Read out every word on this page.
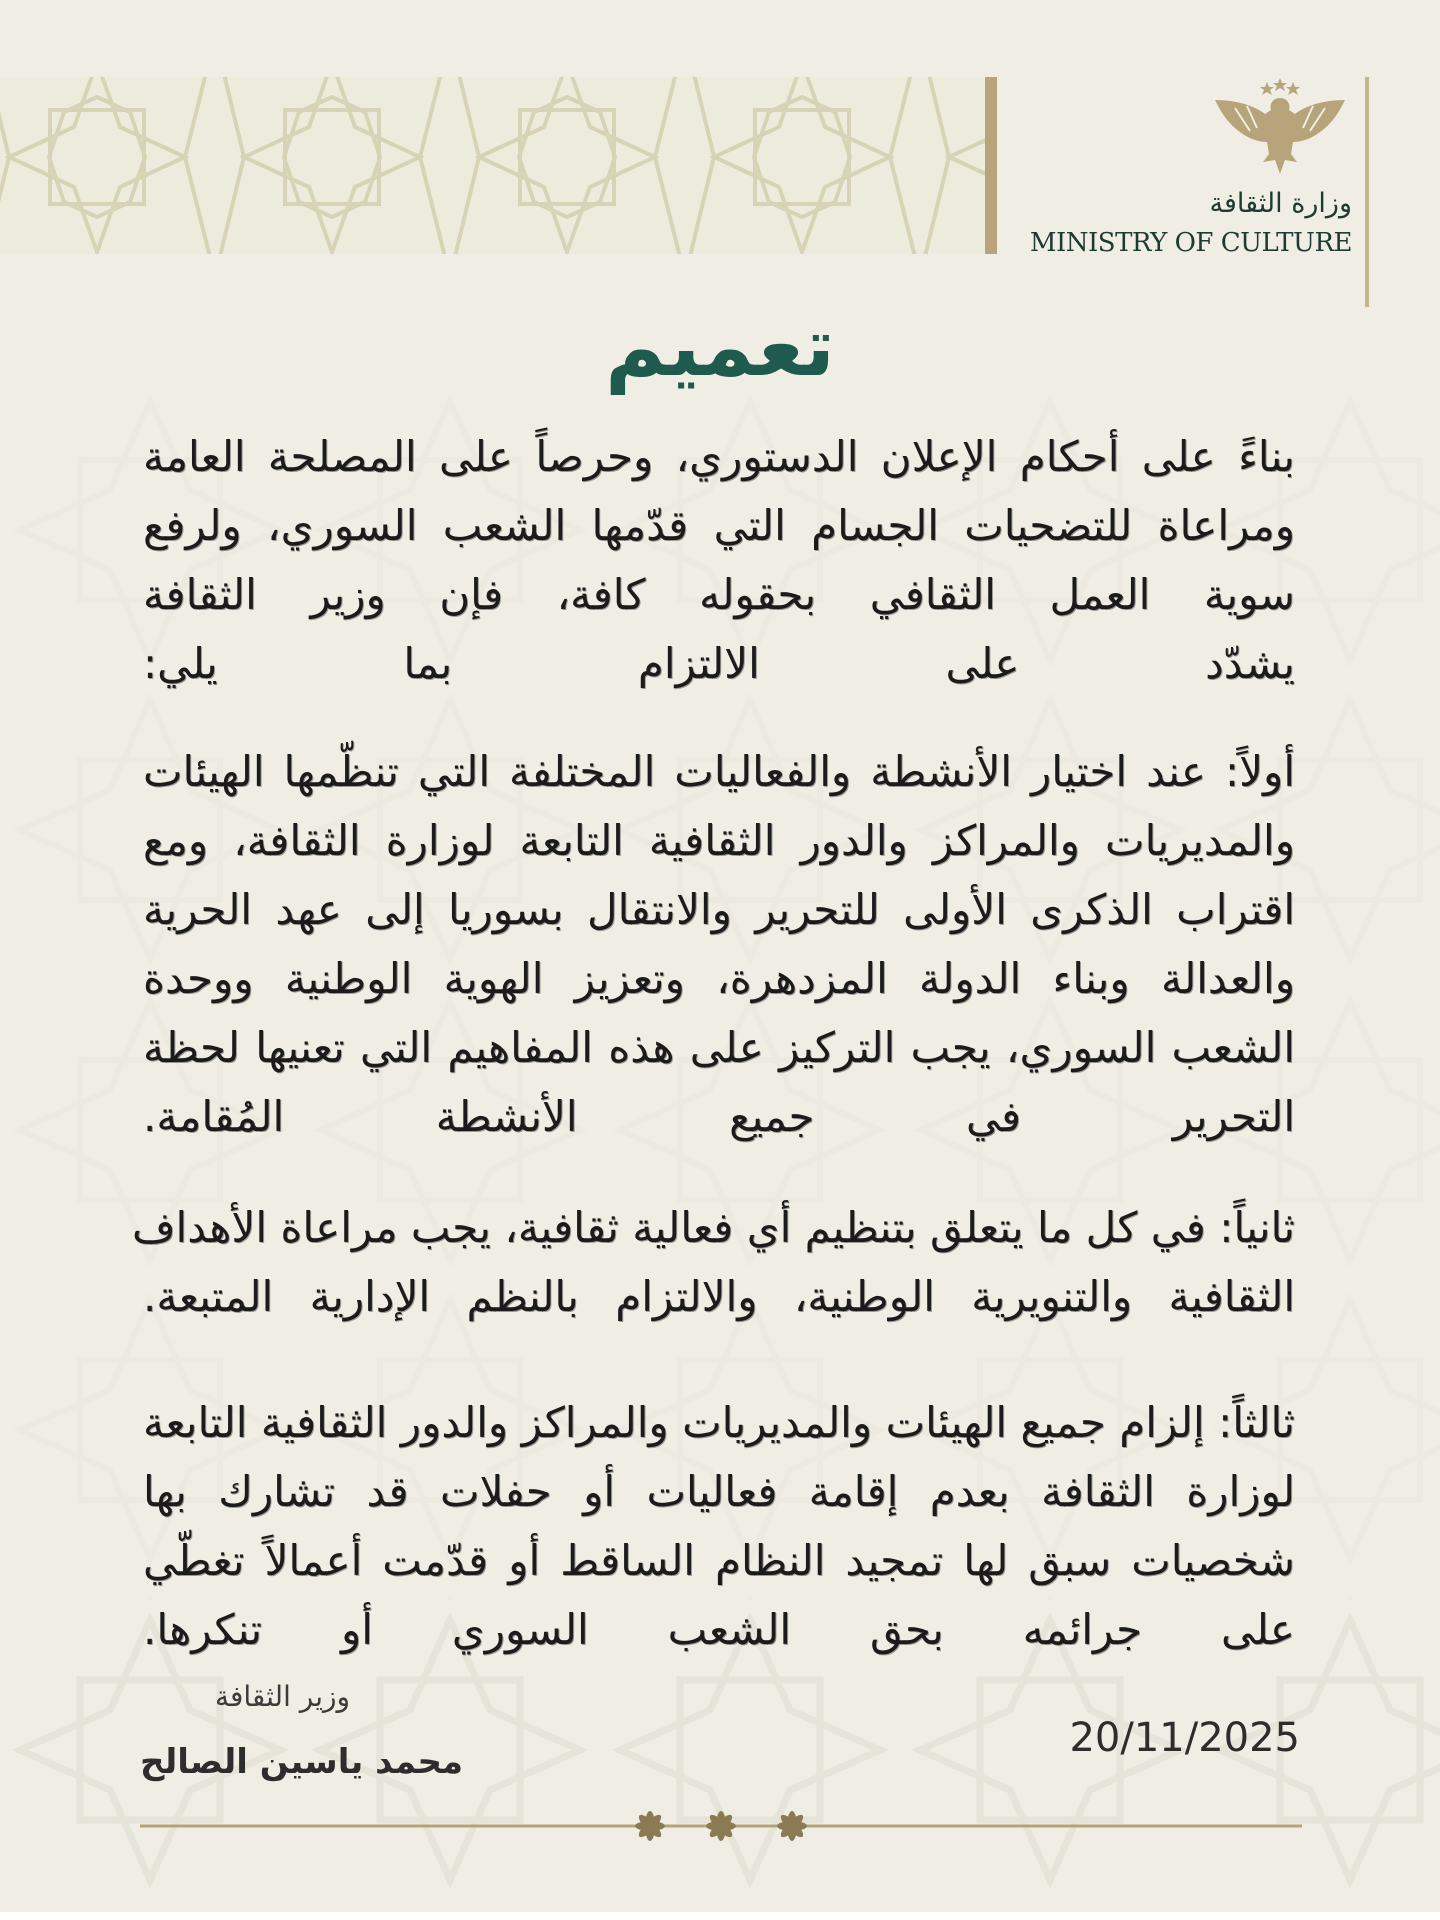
وزارة الثقافة
MINISTRY OF CULTURE
تعميم
بناءً على أحكام الإعلان الدستوري، وحرصاً على المصلحة العامة
ومراعاة للتضحيات الجسام التي قدّمها الشعب السوري، ولرفع
سوية العمل الثقافي بحقوله كافة، فإن وزير الثقافة
يشدّد على الالتزام بما يلي:
أولاً: عند اختيار الأنشطة والفعاليات المختلفة التي تنظّمها الهيئات
والمديريات والمراكز والدور الثقافية التابعة لوزارة الثقافة، ومع
اقتراب الذكرى الأولى للتحرير والانتقال بسوريا إلى عهد الحرية
والعدالة وبناء الدولة المزدهرة، وتعزيز الهوية الوطنية ووحدة
الشعب السوري، يجب التركيز على هذه المفاهيم التي تعنيها لحظة
التحرير في جميع الأنشطة المُقامة.
ثانياً: في كل ما يتعلق بتنظيم أي فعالية ثقافية، يجب مراعاة الأهداف
الثقافية والتنويرية الوطنية، والالتزام بالنظم الإدارية المتبعة.
ثالثاً: إلزام جميع الهيئات والمديريات والمراكز والدور الثقافية التابعة
لوزارة الثقافة بعدم إقامة فعاليات أو حفلات قد تشارك بها
شخصيات سبق لها تمجيد النظام الساقط أو قدّمت أعمالاً تغطّي
على جرائمه بحق الشعب السوري أو تنكرها.
وزير الثقافة
محمد ياسين الصالح
20/11/2025
